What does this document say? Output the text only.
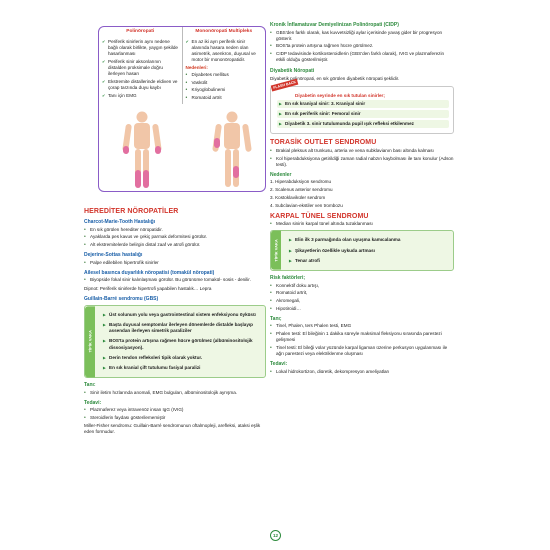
Polinöropati	Mononöropati Multipleks
✔ Periferik sinirlerin aynı nedene bağlı olarak birlikte, yaygın şekilde hasarlanması
✔ Periferik sinir aksonlarının distalden proksimale doğru ilerleyen hasarı
✔ Ekstremite distallerinde eldiven ve çorap tarzında duyu kaybı
✔ Tanı için EMG
✔ En az iki ayrı periferik sinir alanında hasara neden olan asimetrik, asenkron, duyusal ve motor bir mononöropatidir.
Nedenleri:
• Diyabetes mellitus
• Vaskülit
• Kriyoglobulinemi
• Romatoid artrit
HEREDİTER NÖROPATİLER
Charcot-Marie-Tooth Hastalığı
• En sık görülen herediter nöropatidir.
• Ayaklarda pes kavus ve çekiç parmak deformitesi görülür.
• Alt ekstremitelerde belirgin distal zaaf ve atrofi görülür.
Dejerine-Sottas hastalığı
• Palpe edilebilen hipertrofik sinirler
Ailesel basınca duyarlılık nöropatisi (tomakül nöropati)
• Biyopside fokal sinir kalınlaşması görülür. Bu görünüme tomakül- sosis - denilir.
Dipnot: Periferik sinirlerde hipertrofi yapabilen hastalık… Lepra
Guillain-Barré sendromu (GBS)
TİPİK VAKA
▶ Üst solunum yolu veya gastrointestinal sistem enfeksiyonu öyküsü
▶ Başta duyusal semptomlar ilerleyen dönemlerde distalde başlayıp assendan ilerleyen simetrik paraliziler
▶ BOS'ta protein artışına rağmen hücre görülmez (albüminositolojik dissosiyasyon).
▶ Derin tendon refleksleri tipik olarak yoktur.
▶ En sık kranial çift tutulumu fasiyal paralizi
Tanı:
• Sinir iletim hızlarında anomali, EMG bulguları, albüminositolojik ayrışma.
Tedavi:
• Plazmaferez veya intravenöz insan IgG (IVIG)
• Steroidlerin faydası gösterilememiştir
Miller-Fisher sendromu: Guillain-Barré sendromunun oftalmopleji, arefleksi, ataksi eşlik eden formudur.
Kronik İnflamatuvar Demiyelinizan Polinöropati (CIDP)
• GBS'den farklı olarak, kas kuvvetsizliği aylar içerisinde yavaş gider bir progresyon gösterir.
• BOS'ta protein artışına rağmen hücre görülmez.
• CIDP tedavisinde kortikosteroidlerin (GBS'den farklı olarak), IVIG ve plazmaferezin etkili olduğu gösterilmiştir.
Diyabetik Nöropati
Diyabetik polinöropati, en sık görülen diyabetik nöropati şeklidir.
FLASH BACK
Diyabetin seyrinde en sık tutulan sinirler;
▶ En sık kraniyal sinir: 3. Kraniyal sinir
▶ En sık periferik sinir: Femoral sinir
▶ Diyabetik 3. sinir tutulumunda pupil ışık refleksi etkilenmez
TORASİK OUTLET SENDROMU
• Brakial pleksus alt trunkusu, arteria ve vena subklavianın bası altında kalması
• Kol hiperabduksiyona getirildiği zaman radial nabzın kaybolması ile tanı konulur (Adson testi).
Nedenler
1. Hiperabduksiyon sendromu
2. Scalenus anterior sendromu
3. Kostoklaviküler sendrom
4. Subclavian-ekstiler ven trombozu
KARPAL TÜNEL SENDROMU
• Median sinirin karpal tünel altında tuzaklanması
TİPİK VAKA
▶	Elin ilk 3 parmağında olan uyuşma kamıcalanma
▶ Şikayetlerin özellikle uykuda artması
▶ Tenar atrofi
Risk faktörleri;
• Konnektif doku artışı,
• Romatoid artrit,
• Akromegali,
• Hipotiroidi…
Tanı;
• Tinel, Phalen, ters Phalen testi, EMG
• Phalen testi: El bileğinin 1 dakika süreyle maksimal fleksiyonu sırasında parestezi gelişmesi
• Tinel testi: El bileği volar yüzünde karpal ligaman üzerine perkusyon uygulanması ile ağrı parestezi veya elektriklenme oluşması
Tedavi:
• Lokal hidrokortizon, diüretik, dekompresyon ameliyatları
12
